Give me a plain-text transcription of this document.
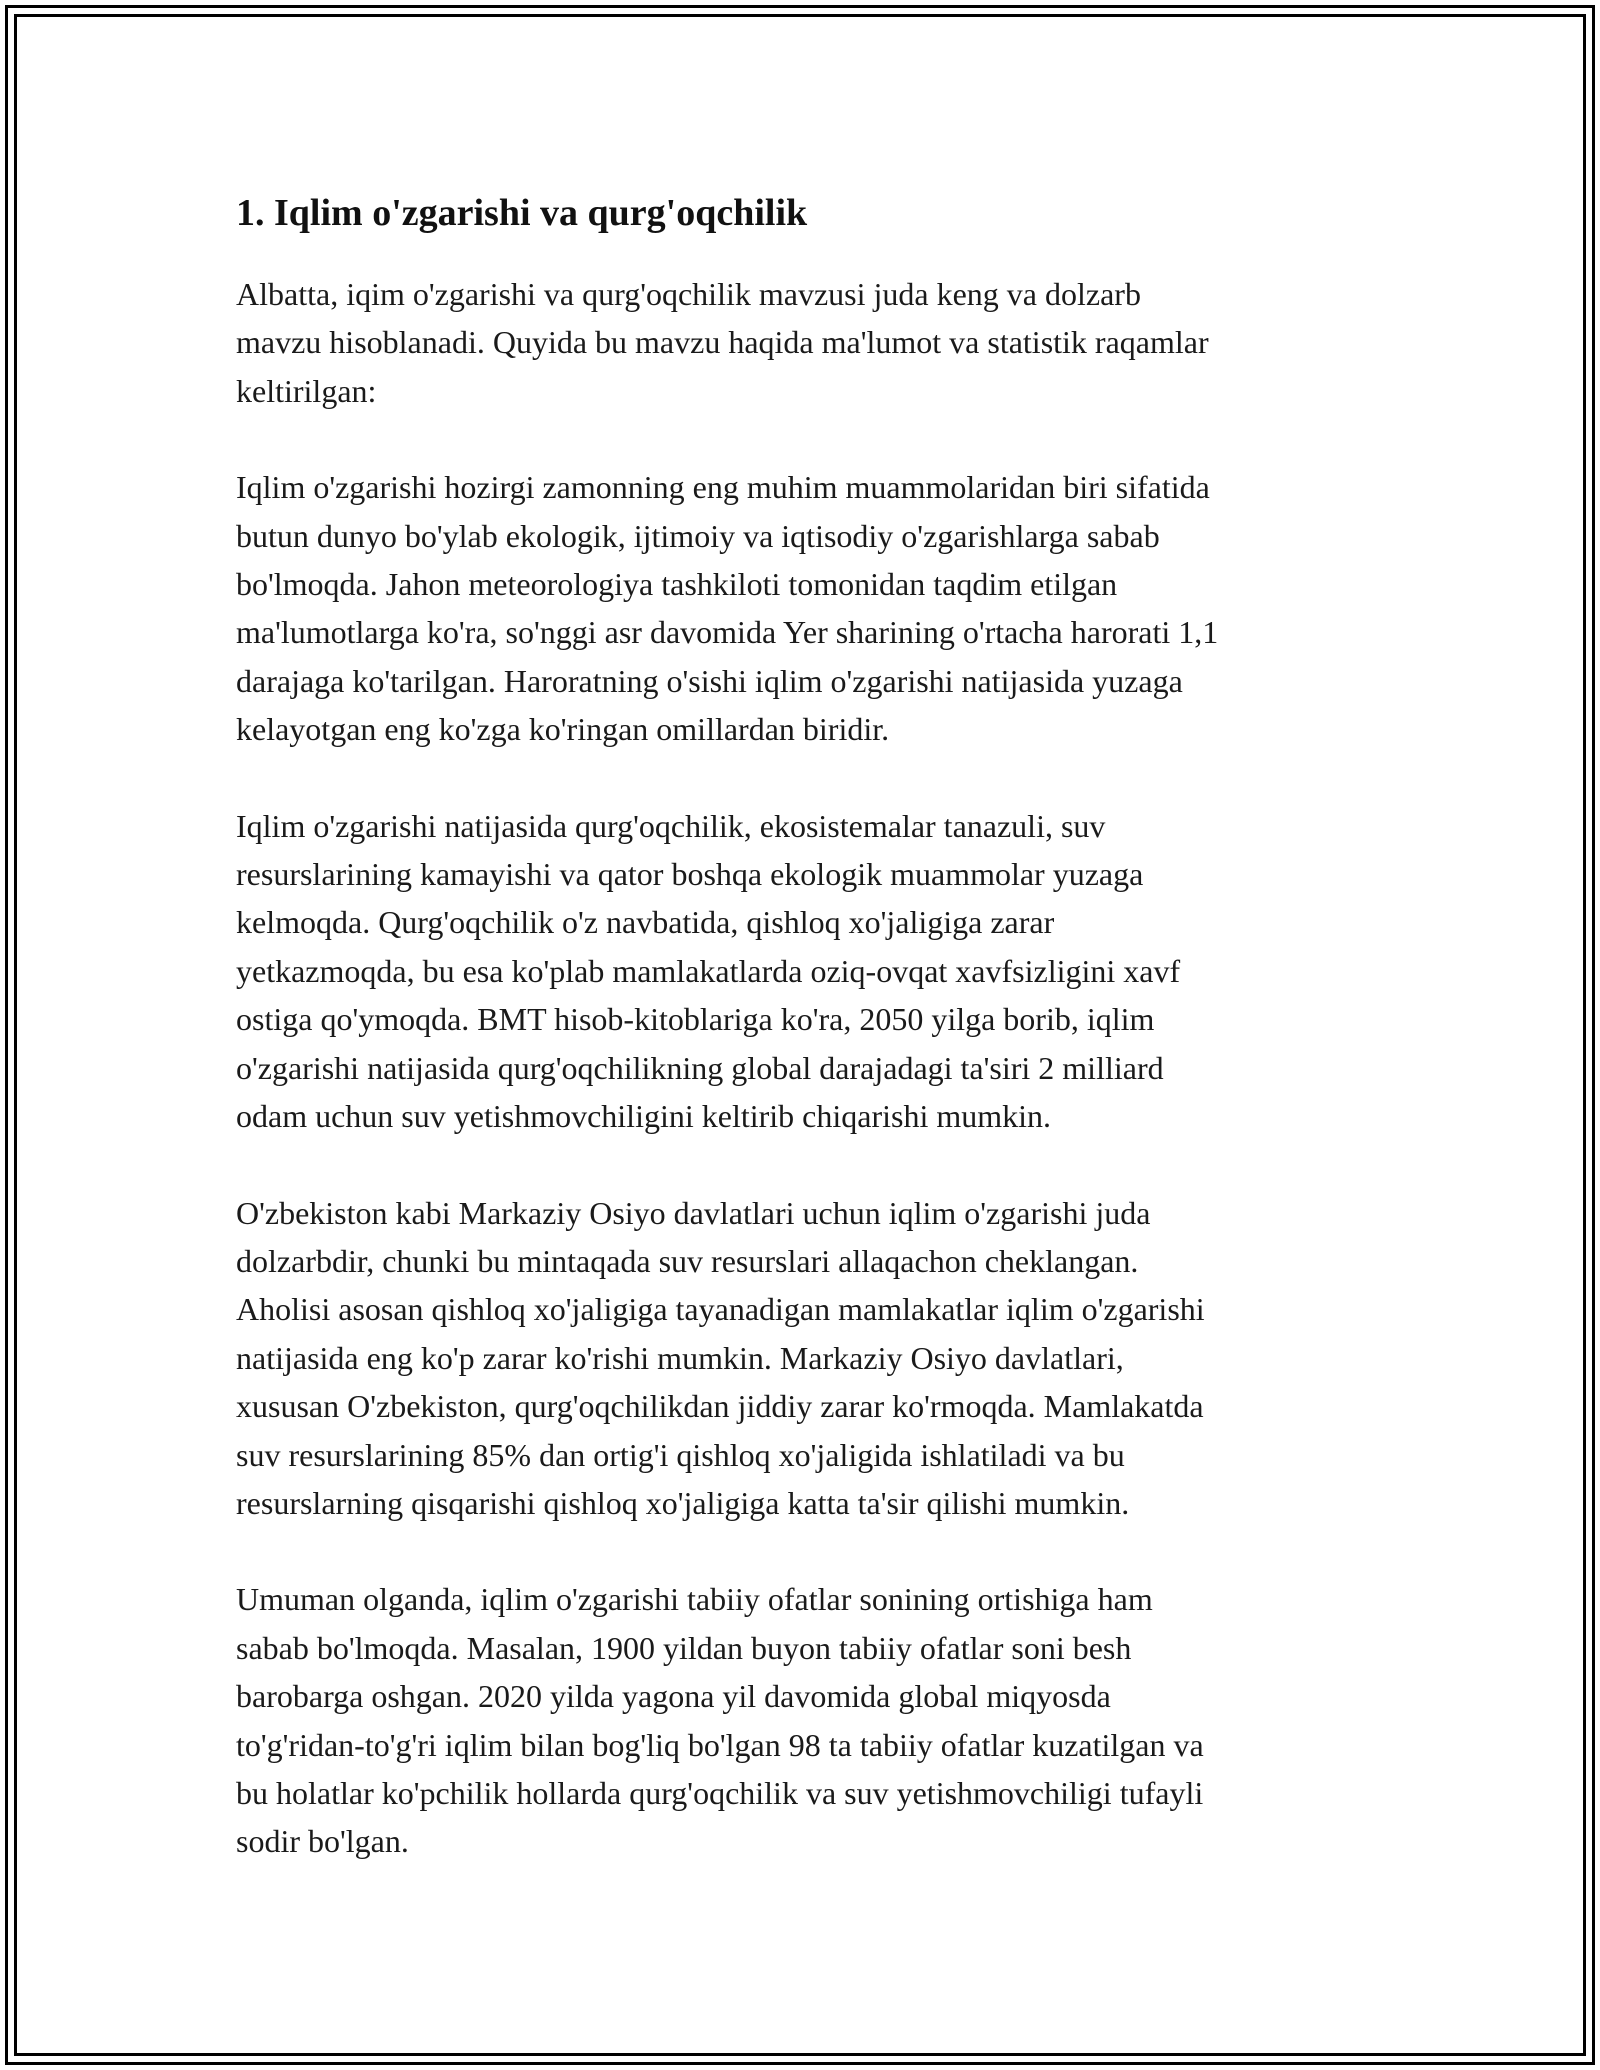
1. Iqlim o'zgarishi va qurg'oqchilik

Albatta, iqim o'zgarishi va qurg'oqchilik mavzusi juda keng va dolzarb
mavzu hisoblanadi. Quyida bu mavzu haqida ma'lumot va statistik raqamlar
keltirilgan:

Iqlim o'zgarishi hozirgi zamonning eng muhim muammolaridan biri sifatida
butun dunyo bo'ylab ekologik, ijtimoiy va iqtisodiy o'zgarishlarga sabab
bo'lmoqda. Jahon meteorologiya tashkiloti tomonidan taqdim etilgan
ma'lumotlarga ko'ra, so'nggi asr davomida Yer sharining o'rtacha harorati 1,1
darajaga ko'tarilgan. Haroratning o'sishi iqlim o'zgarishi natijasida yuzaga
kelayotgan eng ko'zga ko'ringan omillardan biridir.

Iqlim o'zgarishi natijasida qurg'oqchilik, ekosistemalar tanazuli, suv
resurslarining kamayishi va qator boshqa ekologik muammolar yuzaga
kelmoqda. Qurg'oqchilik o'z navbatida, qishloq xo'jaligiga zarar
yetkazmoqda, bu esa ko'plab mamlakatlarda oziq-ovqat xavfsizligini xavf
ostiga qo'ymoqda. BMT hisob-kitoblariga ko'ra, 2050 yilga borib, iqlim
o'zgarishi natijasida qurg'oqchilikning global darajadagi ta'siri 2 milliard
odam uchun suv yetishmovchiligini keltirib chiqarishi mumkin.

O'zbekiston kabi Markaziy Osiyo davlatlari uchun iqlim o'zgarishi juda
dolzarbdir, chunki bu mintaqada suv resurslari allaqachon cheklangan.
Aholisi asosan qishloq xo'jaligiga tayanadigan mamlakatlar iqlim o'zgarishi
natijasida eng ko'p zarar ko'rishi mumkin. Markaziy Osiyo davlatlari,
xususan O'zbekiston, qurg'oqchilikdan jiddiy zarar ko'rmoqda. Mamlakatda
suv resurslarining 85% dan ortig'i qishloq xo'jaligida ishlatiladi va bu
resurslarning qisqarishi qishloq xo'jaligiga katta ta'sir qilishi mumkin.

Umuman olganda, iqlim o'zgarishi tabiiy ofatlar sonining ortishiga ham
sabab bo'lmoqda. Masalan, 1900 yildan buyon tabiiy ofatlar soni besh
barobarga oshgan. 2020 yilda yagona yil davomida global miqyosda
to'g'ridan-to'g'ri iqlim bilan bog'liq bo'lgan 98 ta tabiiy ofatlar kuzatilgan va
bu holatlar ko'pchilik hollarda qurg'oqchilik va suv yetishmovchiligi tufayli
sodir bo'lgan.
